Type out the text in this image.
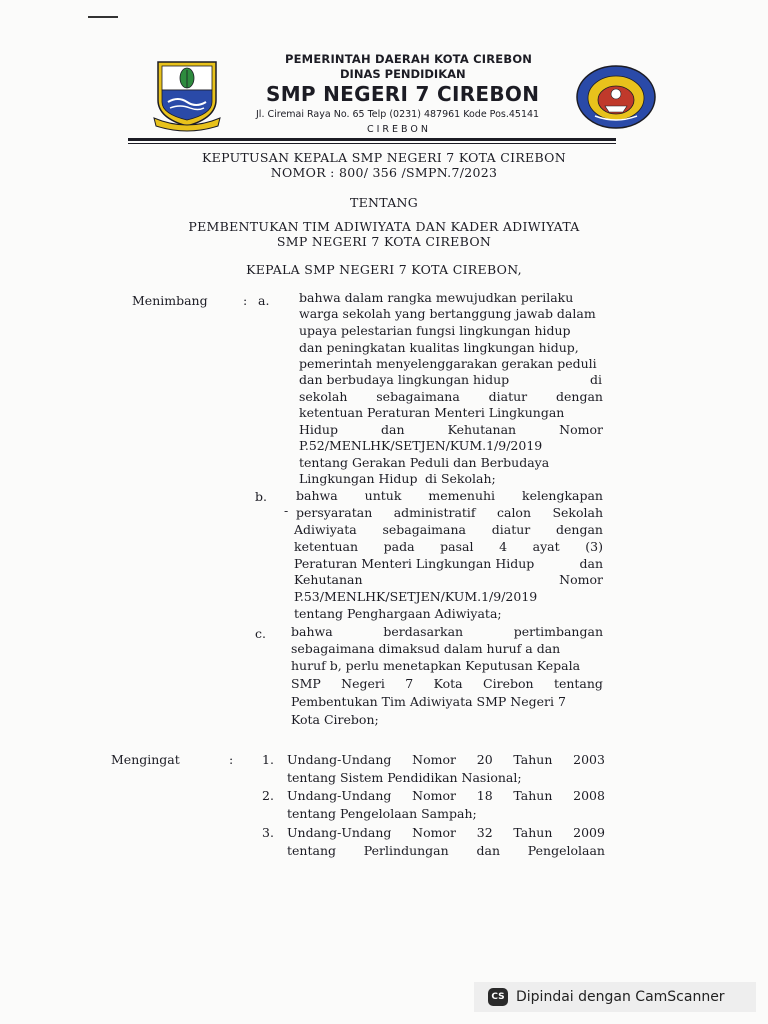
PEMERINTAH DAERAH KOTA CIREBON
DINAS PENDIDIKAN
SMP NEGERI 7 CIREBON
Jl. Ciremai Raya No. 65 Telp (0231) 487961 Kode Pos.45141
CIREBON
KEPUTUSAN KEPALA SMP NEGERI 7 KOTA CIREBON
NOMOR : 800/ 356 /SMPN.7/2023
TENTANG
PEMBENTUKAN TIM ADIWIYATA DAN KADER ADIWIYATA
SMP NEGERI 7 KOTA CIREBON
KEPALA SMP NEGERI 7 KOTA CIREBON,
Menimbang	: a. bahwa dalam rangka mewujudkan perilaku
warga sekolah yang bertanggung jawab dalam
upaya pelestarian fungsi lingkungan hidup
dan peningkatan kualitas lingkungan hidup,
pemerintah menyelenggarakan gerakan peduli
dan berbudaya lingkungan hidup	di
sekolah sebagaimana diatur dengan
ketentuan Peraturan Menteri Lingkungan
Hidup	dan	Kehutanan	Nomor
P.52/MENLHK/SETJEN/KUM.1/9/2019
tentang Gerakan Peduli dan Berbudaya
Lingkungan Hidup di Sekolah;
b.
-
bahwa untuk memenuhi kelengkapan
persyaratan administratif calon Sekolah
Adiwiyata sebagaimana diatur dengan
ketentuan pada pasal 4 ayat (3)
Peraturan Menteri Lingkungan Hidup	dan
Kehutanan	Nomor
P.53/MENLHK/SETJEN/KUM.1/9/2019
tentang Penghargaan Adiwiyata;
c. bahwa	berdasarkan	pertimbangan
sebagaimana dimaksud dalam huruf a dan
huruf b, perlu menetapkan Keputusan Kepala
SMP Negeri 7 Kota Cirebon tentang
Pembentukan Tim Adiwiyata SMP Negeri 7
Kota Cirebon;
Mengingat	: 1. Undang-Undang Nomor 20 Tahun 2003
tentang Sistem Pendidikan Nasional;
2. Undang-Undang Nomor 18 Tahun 2008
tentang Pengelolaan Sampah;
3. Undang-Undang Nomor 32 Tahun 2009
tentang Perlindungan dan Pengelolaan
CS Dipindai dengan CamScanner
